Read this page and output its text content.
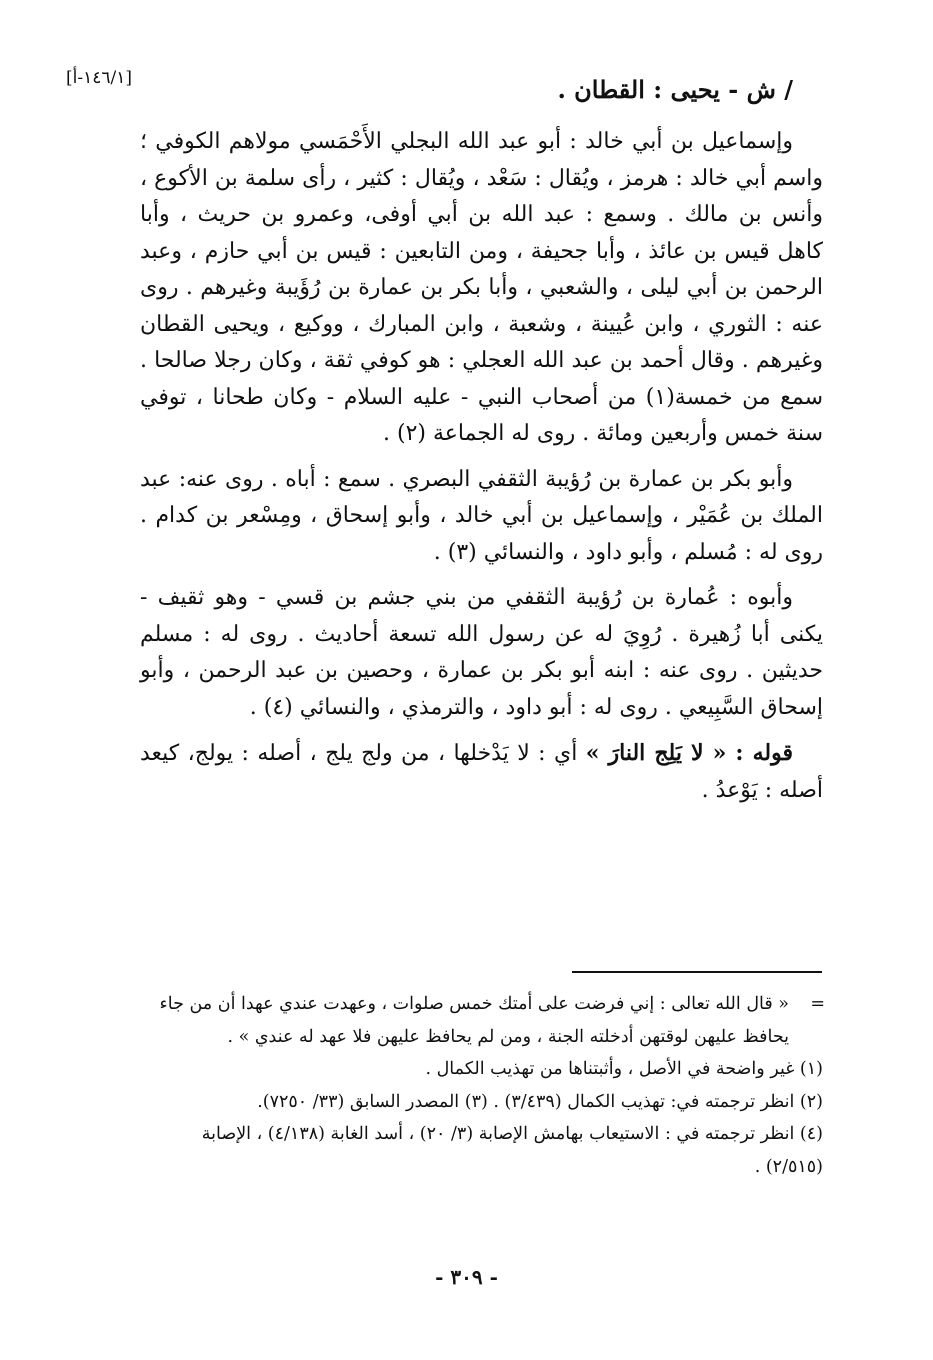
[١٤٦/١-أ]	/ ش - يحيى : القطان .

وإسماعيل بن أبي خالد : أبو عبد الله البجلي الأَحْمَسي مولاهم الكوفي ؛ واسم أبي خالد : هرمز ، ويُقال : سَعْد ، ويُقال : كثير ، رأى سلمة بن الأكوع ، وأنس بن مالك . وسمع : عبد الله بن أبي أوفى، وعمرو بن حريث ، وأبا كاهل قيس بن عائذ ، وأبا جحيفة ، ومن التابعين : قيس بن أبي حازم ، وعبد الرحمن بن أبي ليلى ، والشعبي ، وأبا بكر بن عمارة بن رُؤَيبة وغيرهم . روى عنه : الثوري ، وابن عُيينة ، وشعبة ، وابن المبارك ، ووكيع ، ويحيى القطان وغيرهم . وقال أحمد بن عبد الله العجلي : هو كوفي ثقة ، وكان رجلا صالحا . سمع من خمسة(١) من أصحاب النبي - عليه السلام - وكان طحانا ، توفي سنة خمس وأربعين ومائة . روى له الجماعة (٢) .

وأبو بكر بن عمارة بن رُؤيبة الثقفي البصري . سمع : أباه . روى عنه: عبد الملك بن عُمَيْر ، وإسماعيل بن أبي خالد ، وأبو إسحاق ، ومِسْعر بن كدام . روى له : مُسلم ، وأبو داود ، والنسائي (٣) .

وأبوه : عُمارة بن رُؤيبة الثقفي من بني جشم بن قسي - وهو ثقيف - يكنى أبا زُهيرة . رُوِيَ له عن رسول الله تسعة أحاديث . روى له : مسلم حديثين . روى عنه : ابنه أبو بكر بن عمارة ، وحصين بن عبد الرحمن ، وأبو إسحاق السَّبِيعي . روى له : أبو داود ، والترمذي ، والنسائي (٤) .

قوله : « لا يَلِج النارَ » أي : لا يَدْخلها ، من ولج يلج ، أصله : يولج، كيعد أصله : يَوْعدُ .

=

« قال الله تعالى : إني فرضت على أمتك خمس صلوات ، وعهدت عندي عهدا أن من جاء يحافظ عليهن لوقتهن أدخلته الجنة ، ومن لم يحافظ عليهن فلا عهد له عندي » .

(١) غير واضحة في الأصل ، وأثبتناها من تهذيب الكمال .

(٢) انظر ترجمته في: تهذيب الكمال (٣/٤٣٩) . (٣) المصدر السابق (٣٣/ ٧٢٥٠).

(٤) انظر ترجمته في : الاستيعاب بهامش الإصابة (٣/ ٢٠) ، أسد الغابة (٤/١٣٨) ، الإصابة (٢/٥١٥) .

- ٣٠٩ -
